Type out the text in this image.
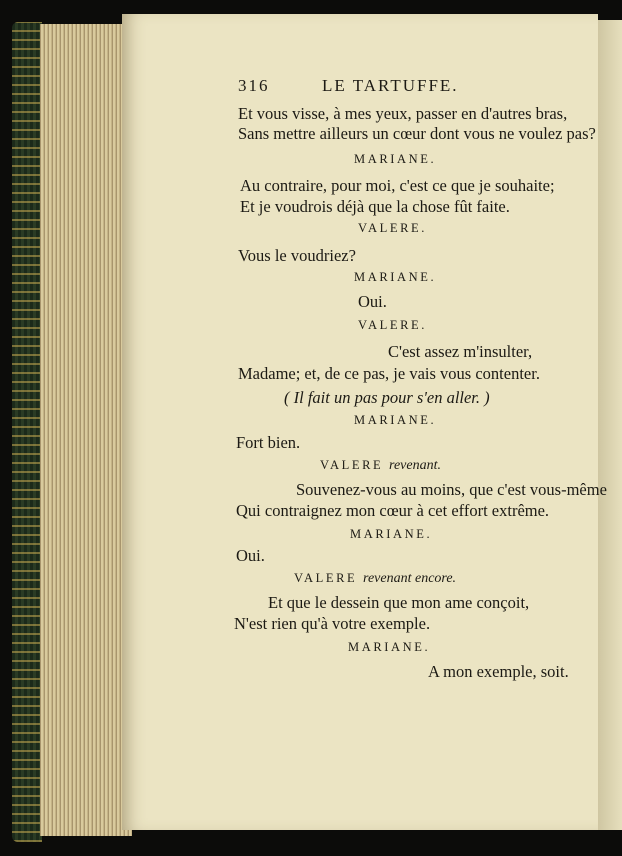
316	LE TARTUFFE.
Et vous visse, à mes yeux, passer en d'autres bras,
Sans mettre ailleurs un cœur dont vous ne voulez pas?
MARIANE.
Au contraire, pour moi, c'est ce que je souhaite;
Et je voudrois déjà que la chose fût faite.
VALERE.
Vous le voudriez?
MARIANE.
Oui.
VALERE.
C'est assez m'insulter,
Madame; et, de ce pas, je vais vous contenter.
( Il fait un pas pour s'en aller. )
MARIANE.
Fort bien.
VALERE revenant.
Souvenez-vous au moins, que c'est vous-même
Qui contraignez mon cœur à cet effort extrême.
MARIANE.
Oui.
VALERE revenant encore.
Et que le dessein que mon ame conçoit,
N'est rien qu'à votre exemple.
MARIANE.
A mon exemple, soit.
